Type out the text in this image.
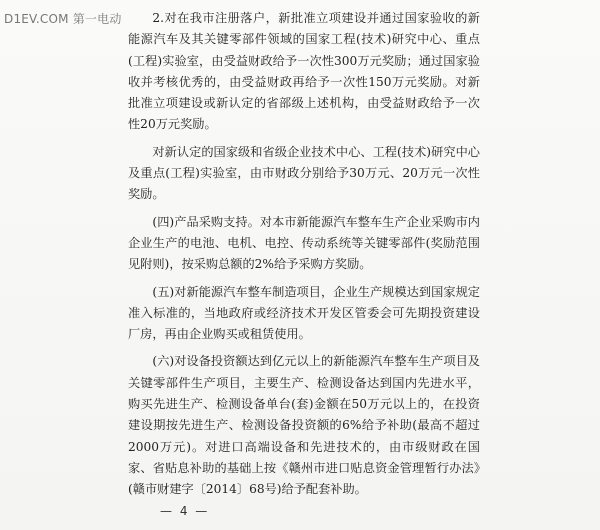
D1EV.COM 第一电动	2.对在我市注册落户，新批准立项建设并通过国家验收的新能源汽车及其关键零部件领域的国家工程(技术)研究中心、重点(工程)实验室，由受益财政给予一次性300万元奖励；通过国家验收并考核优秀的，由受益财政再给予一次性150万元奖励。对新批准立项建设或新认定的省部级上述机构，由受益财政给予一次性20万元奖励。

对新认定的国家级和省级企业技术中心、工程(技术)研究中心及重点(工程)实验室，由市财政分别给予30万元、20万元一次性奖励。

(四)产品采购支持。对本市新能源汽车整车生产企业采购市内企业生产的电池、电机、电控、传动系统等关键零部件(奖励范围见附则)，按采购总额的2%给予采购方奖励。

(五)对新能源汽车整车制造项目，企业生产规模达到国家规定准入标准的，当地政府或经济技术开发区管委会可先期投资建设厂房，再由企业购买或租赁使用。

(六)对设备投资额达到亿元以上的新能源汽车整车生产项目及关键零部件生产项目，主要生产、检测设备达到国内先进水平，购买先进生产、检测设备单台(套)金额在50万元以上的，在投资建设期按先进生产、检测设备投资额的6%给予补助(最高不超过2000万元)。对进口高端设备和先进技术的，由市级财政在国家、省贴息补助的基础上按《赣州市进口贴息资金管理暂行办法》(赣市财建字〔2014〕68号)给予配套补助。

— 4 —
